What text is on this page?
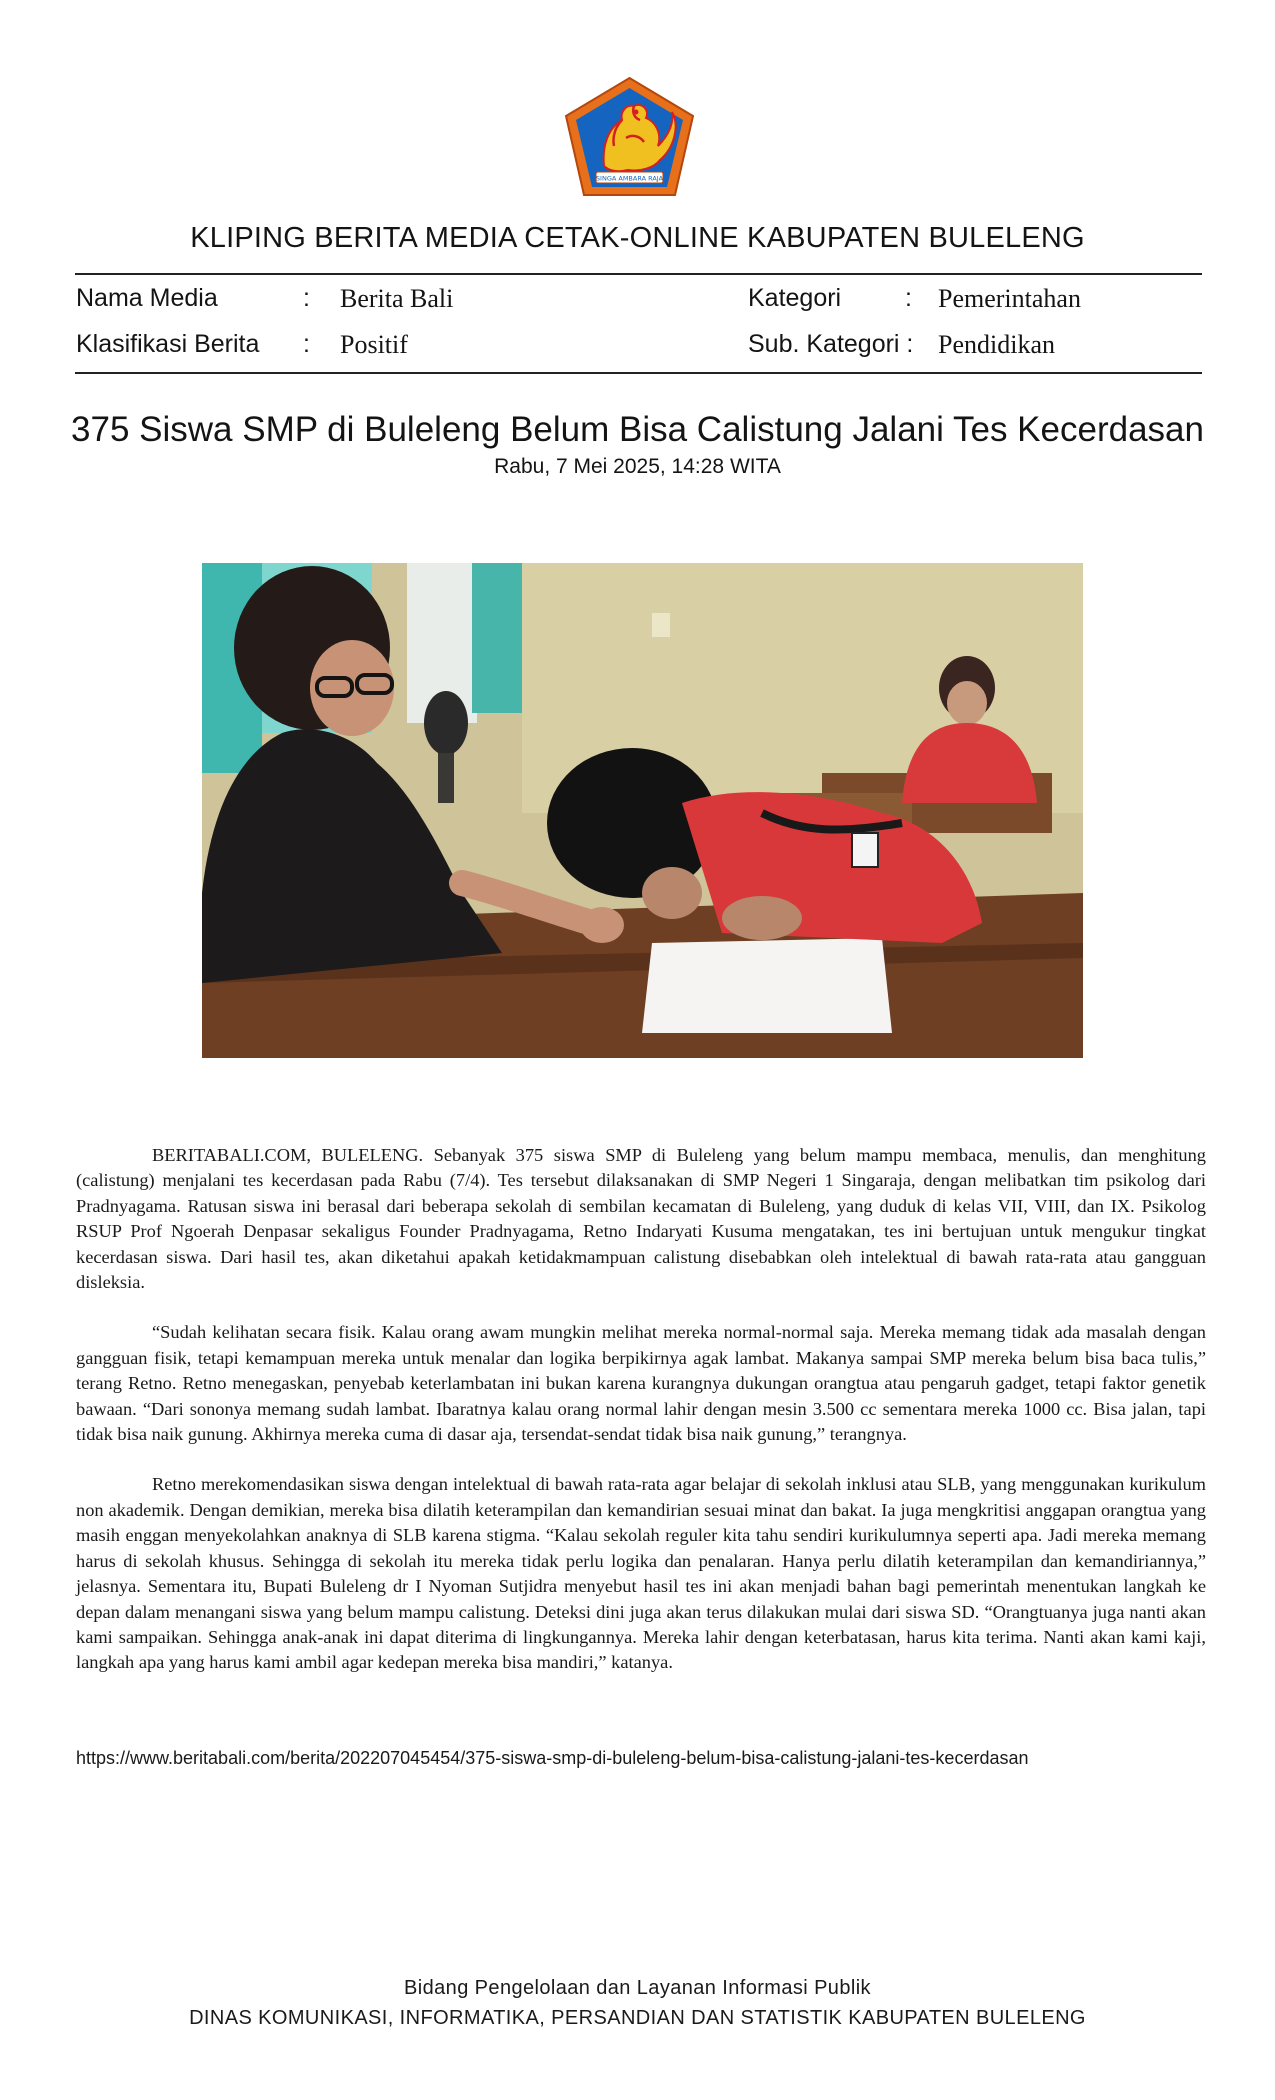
SINGA AMBARA RAJA
KLIPING BERITA MEDIA CETAK-ONLINE KABUPATEN BULELENG
Nama Media	: Berita Bali
Klasifikasi Berita : Positif
Kategori	: Pemerintahan
Sub. Kategori : Pendidikan
375 Siswa SMP di Buleleng Belum Bisa Calistung Jalani Tes Kecerdasan
Rabu, 7 Mei 2025, 14:28 WITA

BERITABALI.COM, BULELENG. Sebanyak 375 siswa SMP di Buleleng yang belum mampu membaca, menulis, dan menghitung (calistung) menjalani tes kecerdasan pada Rabu (7/4). Tes tersebut dilaksanakan di SMP Negeri 1 Singaraja, dengan melibatkan tim psikolog dari Pradnyagama. Ratusan siswa ini berasal dari beberapa sekolah di sembilan kecamatan di Buleleng, yang duduk di kelas VII, VIII, dan IX. Psikolog RSUP Prof Ngoerah Denpasar sekaligus Founder Pradnyagama, Retno Indaryati Kusuma mengatakan, tes ini bertujuan untuk mengukur tingkat kecerdasan siswa. Dari hasil tes, akan diketahui apakah ketidakmampuan calistung disebabkan oleh intelektual di bawah rata-rata atau gangguan disleksia.

“Sudah kelihatan secara fisik. Kalau orang awam mungkin melihat mereka normal-normal saja. Mereka memang tidak ada masalah dengan gangguan fisik, tetapi kemampuan mereka untuk menalar dan logika berpikirnya agak lambat. Makanya sampai SMP mereka belum bisa baca tulis,” terang Retno. Retno menegaskan, penyebab keterlambatan ini bukan karena kurangnya dukungan orangtua atau pengaruh gadget, tetapi faktor genetik bawaan. “Dari sononya memang sudah lambat. Ibaratnya kalau orang normal lahir dengan mesin 3.500 cc sementara mereka 1000 cc. Bisa jalan, tapi tidak bisa naik gunung. Akhirnya mereka cuma di dasar aja, tersendat-sendat tidak bisa naik gunung,” terangnya.

Retno merekomendasikan siswa dengan intelektual di bawah rata-rata agar belajar di sekolah inklusi atau SLB, yang menggunakan kurikulum non akademik. Dengan demikian, mereka bisa dilatih keterampilan dan kemandirian sesuai minat dan bakat. Ia juga mengkritisi anggapan orangtua yang masih enggan menyekolahkan anaknya di SLB karena stigma. “Kalau sekolah reguler kita tahu sendiri kurikulumnya seperti apa. Jadi mereka memang harus di sekolah khusus. Sehingga di sekolah itu mereka tidak perlu logika dan penalaran. Hanya perlu dilatih keterampilan dan kemandiriannya,” jelasnya. Sementara itu, Bupati Buleleng dr I Nyoman Sutjidra menyebut hasil tes ini akan menjadi bahan bagi pemerintah menentukan langkah ke depan dalam menangani siswa yang belum mampu calistung. Deteksi dini juga akan terus dilakukan mulai dari siswa SD. “Orangtuanya juga nanti akan kami sampaikan. Sehingga anak-anak ini dapat diterima di lingkungannya. Mereka lahir dengan keterbatasan, harus kita terima. Nanti akan kami kaji, langkah apa yang harus kami ambil agar kedepan mereka bisa mandiri,” katanya.

https://www.beritabali.com/berita/202207045454/375-siswa-smp-di-buleleng-belum-bisa-calistung-jalani-tes-kecerdasan
Bidang Pengelolaan dan Layanan Informasi Publik
DINAS KOMUNIKASI, INFORMATIKA, PERSANDIAN DAN STATISTIK KABUPATEN BULELENG
